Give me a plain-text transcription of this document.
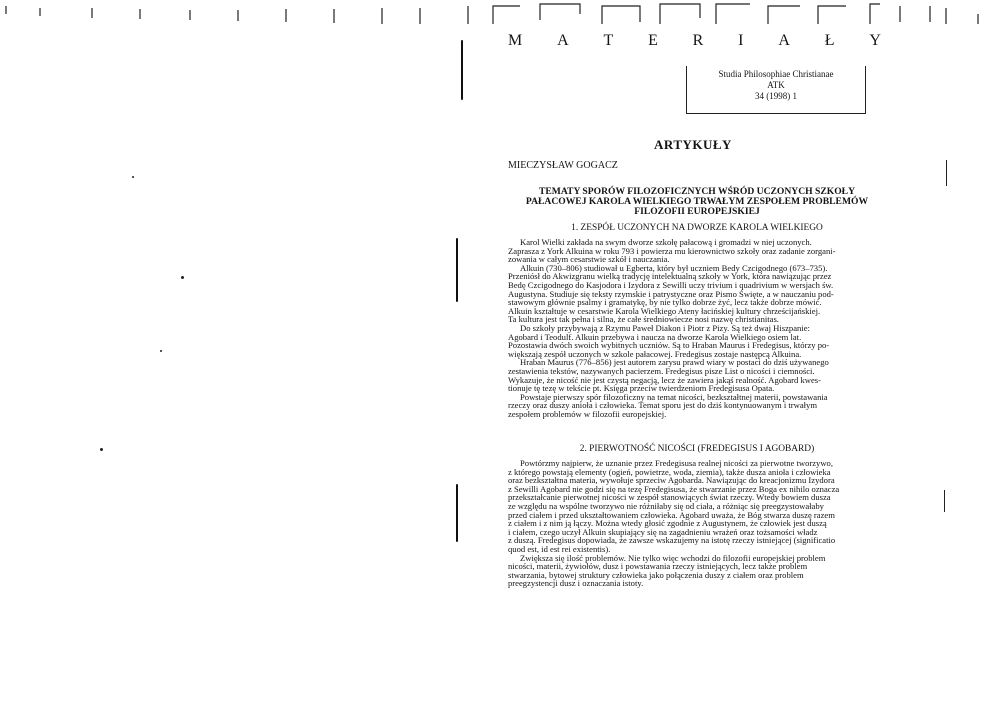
M A T E R I A Ł Y
Studia Philosophiae Christianae
ATK
34 (1998) 1
ARTYKUŁY
MIECZYSŁAW GOGACZ
TEMATY SPORÓW FILOZOFICZNYCH WŚRÓD UCZONYCH SZKOŁY
PAŁACOWEJ KAROLA WIELKIEGO TRWAŁYM ZESPOŁEM PROBLEMÓW
FILOZOFII EUROPEJSKIEJ
1. ZESPÓŁ UCZONYCH NA DWORZE KAROLA WIELKIEGO

Karol Wielki zakłada na swym dworze szkołę pałacową i gromadzi w niej uczonych.

Zaprasza z York Alkuina w roku 793 i powierza mu kierownictwo szkoły oraz zadanie zorgani-

zowania w całym cesarstwie szkół i nauczania.

Alkuin (730–806) studiował u Egberta, który był uczniem Bedy Czcigodnego (673–735).

Przeniósł do Akwizgranu wielką tradycję intelektualną szkoły w York, która nawiązując przez

Bedę Czcigodnego do Kasjodora i Izydora z Sewilli uczy trivium i quadrivium w wersjach św.

Augustyna. Studiuje się teksty rzymskie i patrystyczne oraz Pismo Święte, a w nauczaniu pod-

stawowym głównie psalmy i gramatykę, by nie tylko dobrze żyć, lecz także dobrze mówić.

Alkuin kształtuje w cesarstwie Karola Wielkiego Ateny łacińskiej kultury chrześcijańskiej.

Ta kultura jest tak pełna i silna, że całe średniowiecze nosi nazwę christianitas.

Do szkoły przybywają z Rzymu Paweł Diakon i Piotr z Pizy. Są też dwaj Hiszpanie:

Agobard i Teodulf. Alkuin przebywa i naucza na dworze Karola Wielkiego osiem lat.

Pozostawia dwóch swoich wybitnych uczniów. Są to Hraban Maurus i Fredegisus, którzy po-

większają zespół uczonych w szkole pałacowej. Fredegisus zostaje następcą Alkuina.

Hraban Maurus (776–856) jest autorem zarysu prawd wiary w postaci do dziś używanego

zestawienia tekstów, nazywanych pacierzem. Fredegisus pisze List o nicości i ciemności.

Wykazuje, że nicość nie jest czystą negacją, lecz że zawiera jakąś realność. Agobard kwes-

tionuje tę tezę w tekście pt. Księga przeciw twierdzeniom Fredegisusa Opata.

Powstaje pierwszy spór filozoficzny na temat nicości, bezkształtnej materii, powstawania

rzeczy oraz duszy anioła i człowieka. Temat sporu jest do dziś kontynuowanym i trwałym

zespołem problemów w filozofii europejskiej.

2. PIERWOTNOŚĆ NICOŚCI (FREDEGISUS I AGOBARD)

Powtórzmy najpierw, że uznanie przez Fredegisusa realnej nicości za pierwotne tworzywo,

z którego powstają elementy (ogień, powietrze, woda, ziemia), także dusza anioła i człowieka

oraz bezkształtna materia, wywołuje sprzeciw Agobarda. Nawiązując do kreacjonizmu Izydora

z Sewilli Agobard nie godzi się na tezę Fredegisusa, że stwarzanie przez Boga ex nihilo oznacza

przekształcanie pierwotnej nicości w zespół stanowiących świat rzeczy. Wtedy bowiem dusza

ze względu na wspólne tworzywo nie różniłaby się od ciała, a różniąc się preegzystowałaby

przed ciałem i przed ukształtowaniem człowieka. Agobard uważa, że Bóg stwarza duszę razem

z ciałem i z nim ją łączy. Można wtedy głosić zgodnie z Augustynem, że człowiek jest duszą

i ciałem, czego uczył Alkuin skupiający się na zagadnieniu wrażeń oraz tożsamości władz

z duszą. Fredegisus dopowiada, że zawsze wskazujemy na istotę rzeczy istniejącej (significatio

quod est, id est rei existentis).

Zwiększa się ilość problemów. Nie tylko więc wchodzi do filozofii europejskiej problem

nicości, materii, żywiołów, dusz i powstawania rzeczy istniejących, lecz także problem

stwarzania, bytowej struktury człowieka jako połączenia duszy z ciałem oraz problem

preegzystencji dusz i oznaczania istoty.
